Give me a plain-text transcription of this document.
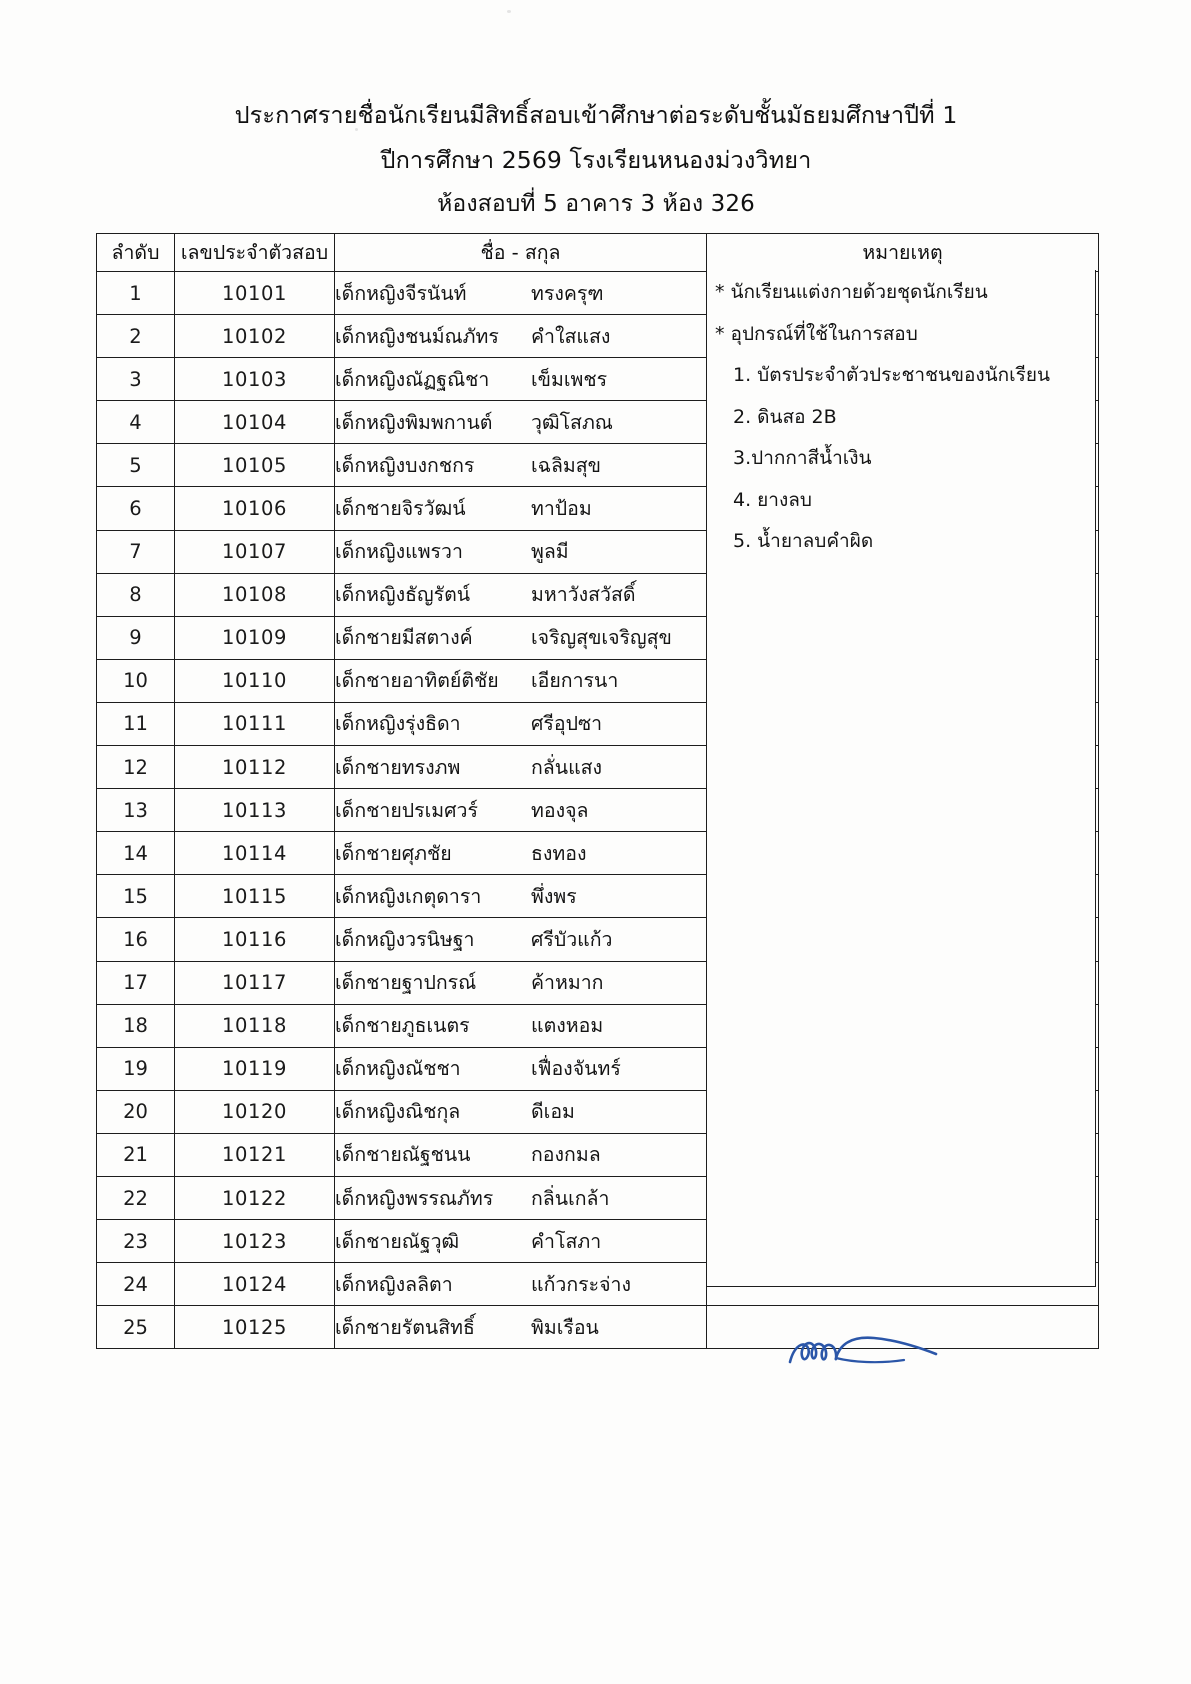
ประกาศรายชื่อนักเรียนมีสิทธิ์สอบเข้าศึกษาต่อระดับชั้นมัธยมศึกษาปีที่ 1
ปีการศึกษา 2569 โรงเรียนหนองม่วงวิทยา
ห้องสอบที่ 5 อาคาร 3 ห้อง 326
ลำดับ	เลขประจำตัวสอบ	ชื่อ - สกุล	หมายเหตุ
1	10101	เด็กหญิงจีรนันท์ ทรงครุฑ	

2	10102	เด็กหญิงชนม์ณภัทร คำใสแสง	

3	10103	เด็กหญิงณัฏฐณิชา เข็มเพชร	

4	10104	เด็กหญิงพิมพกานต์ วุฒิโสภณ	

5	10105	เด็กหญิงบงกชกร เฉลิมสุข	

6	10106	เด็กชายจิรวัฒน์ ทาป้อม	

7	10107	เด็กหญิงแพรวา พูลมี	

8	10108	เด็กหญิงธัญรัตน์ มหาวังสวัสดิ์	

9	10109	เด็กชายมีสตางค์ เจริญสุขเจริญสุข	

10	10110	เด็กชายอาทิตย์ติชัย เอียการนา	

11	10111	เด็กหญิงรุ่งธิดา ศรีอุปซา	

12	10112	เด็กชายทรงภพ กลั่นแสง	

13	10113	เด็กชายปรเมศวร์ ทองจุล	

14	10114	เด็กชายศุภชัย ธงทอง	

15	10115	เด็กหญิงเกตุดารา พึ่งพร	

16	10116	เด็กหญิงวรนิษฐา ศรีบัวแก้ว	

17	10117	เด็กชาย​ฐาปกรณ์ ค้าหมาก	

18	10118	เด็กชาย​ภูธเนตร แตงหอม	

19	10119	เด็กหญิงณัชชา เฟื่องจันทร์	

20	10120	เด็กหญิงณิชกุล ดีเอม	

21	10121	เด็กชายณัฐชนน กองกมล	

22	10122	เด็กหญิงพรรณภัทร กลิ่นเกล้า	

23	10123	เด็กชายณัฐวุฒิ คำโสภา	

24	10124	เด็กหญิงลลิตา แก้วกระจ่าง	

25	10125	เด็กชายรัตนสิทธิ์ พิมเรือน	

* นักเรียนแต่งกายด้วยชุดนักเรียน
* อุปกรณ์ที่ใช้ในการสอบ
1. บัตรประจำตัวประชาชนของนักเรียน
2. ดินสอ 2B
3.ปากกาสีน้ำเงิน
4. ยางลบ
5. น้ำยาลบคำผิด
